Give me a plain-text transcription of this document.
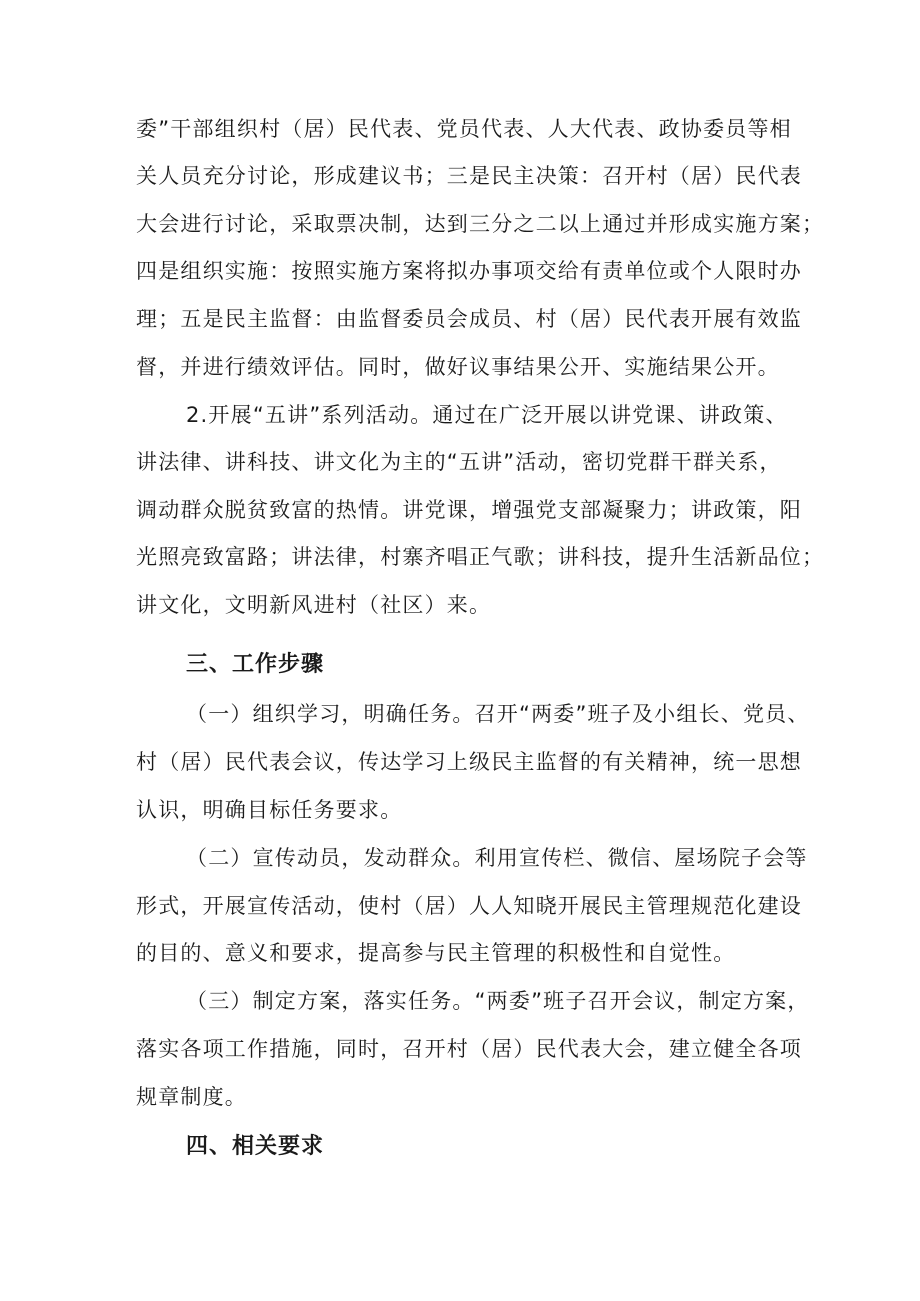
委”干部组织村（居）民代表、党员代表、人大代表、政协委员等相
关人员充分讨论，形成建议书；三是民主决策：召开村（居）民代表
大会进行讨论，采取票决制，达到三分之二以上通过并形成实施方案；
四是组织实施：按照实施方案将拟办事项交给有责单位或个人限时办
理；五是民主监督：由监督委员会成员、村（居）民代表开展有效监
督，并进行绩效评估。同时，做好议事结果公开、实施结果公开。
2.开展“五讲”系列活动。通过在广泛开展以讲党课、讲政策、
讲法律、讲科技、讲文化为主的“五讲”活动，密切党群干群关系，
调动群众脱贫致富的热情。讲党课，增强党支部凝聚力；讲政策，阳
光照亮致富路；讲法律，村寨齐唱正气歌；讲科技，提升生活新品位；
讲文化，文明新风进村（社区）来。
三、工作步骤
（一）组织学习，明确任务。召开“两委”班子及小组长、党员、
村（居）民代表会议，传达学习上级民主监督的有关精神，统一思想
认识，明确目标任务要求。
（二）宣传动员，发动群众。利用宣传栏、微信、屋场院子会等
形式，开展宣传活动，使村（居）人人知晓开展民主管理规范化建设
的目的、意义和要求，提高参与民主管理的积极性和自觉性。
（三）制定方案，落实任务。“两委”班子召开会议，制定方案，
落实各项工作措施，同时，召开村（居）民代表大会，建立健全各项
规章制度。
四、相关要求
